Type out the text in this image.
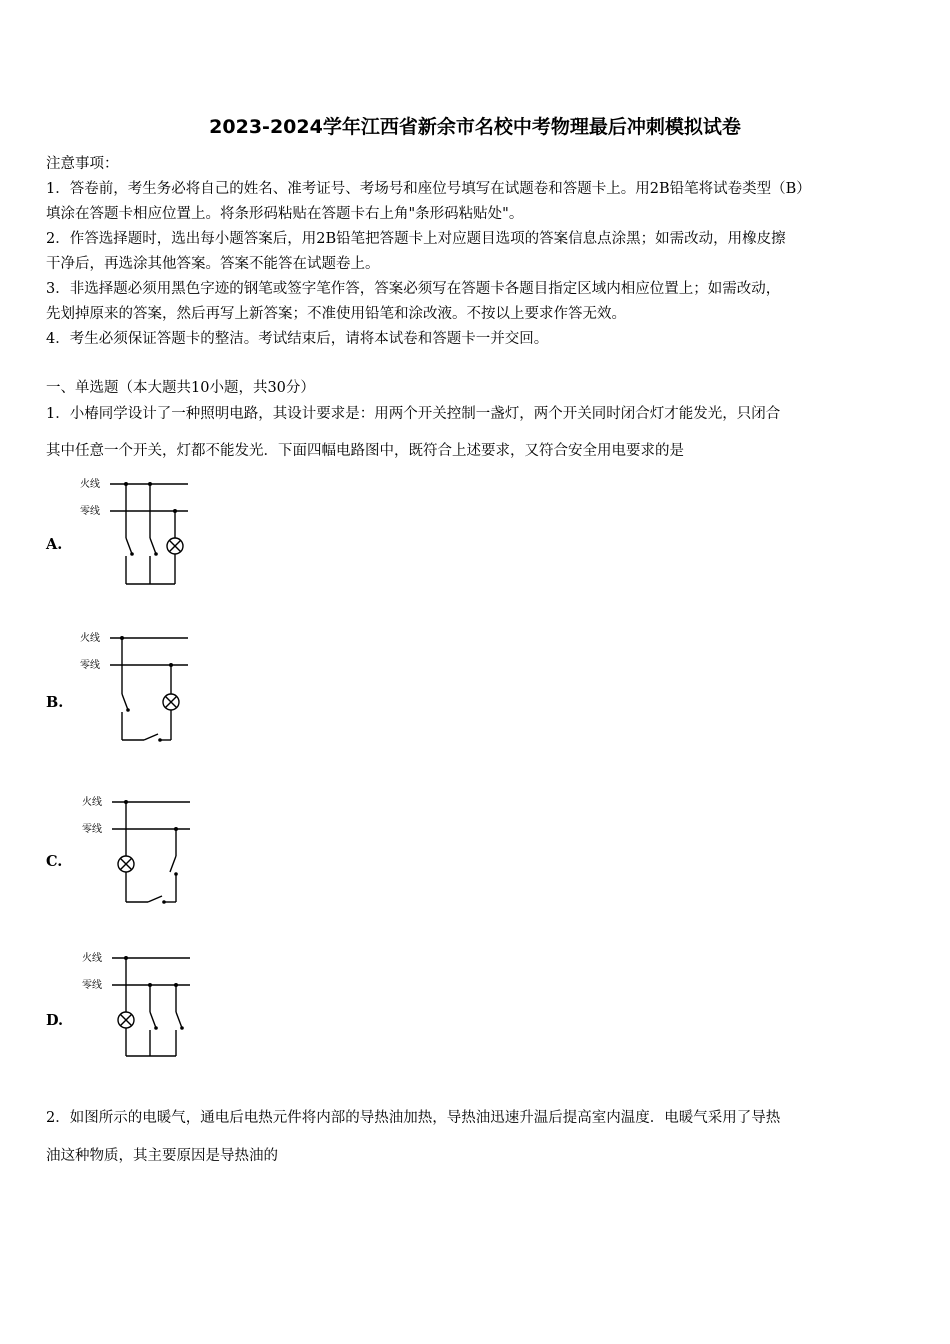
2023-2024学年江西省新余市名校中考物理最后冲刺模拟试卷
注意事项：
1．答卷前，考生务必将自己的姓名、准考证号、考场号和座位号填写在试题卷和答题卡上。用2B铅笔将试卷类型（B）
填涂在答题卡相应位置上。将条形码粘贴在答题卡右上角"条形码粘贴处"。
2．作答选择题时，选出每小题答案后，用2B铅笔把答题卡上对应题目选项的答案信息点涂黑；如需改动，用橡皮擦
干净后，再选涂其他答案。答案不能答在试题卷上。
3．非选择题必须用黑色字迹的钢笔或签字笔作答，答案必须写在答题卡各题目指定区域内相应位置上；如需改动，
先划掉原来的答案，然后再写上新答案；不准使用铅笔和涂改液。不按以上要求作答无效。
4．考生必须保证答题卡的整洁。考试结束后，请将本试卷和答题卡一并交回。
一、单选题（本大题共10小题，共30分）
1．小椿同学设计了一种照明电路，其设计要求是：用两个开关控制一盏灯，两个开关同时闭合灯才能发光，只闭合
其中任意一个开关，灯都不能发光．下面四幅电路图中，既符合上述要求，又符合安全用电要求的是
A.
火线
零线
B.
火线
零线
C.
火线
零线
D.
火线
零线
2．如图所示的电暖气，通电后电热元件将内部的导热油加热，导热油迅速升温后提高室内温度．电暖气采用了导热
油这种物质，其主要原因是导热油的
